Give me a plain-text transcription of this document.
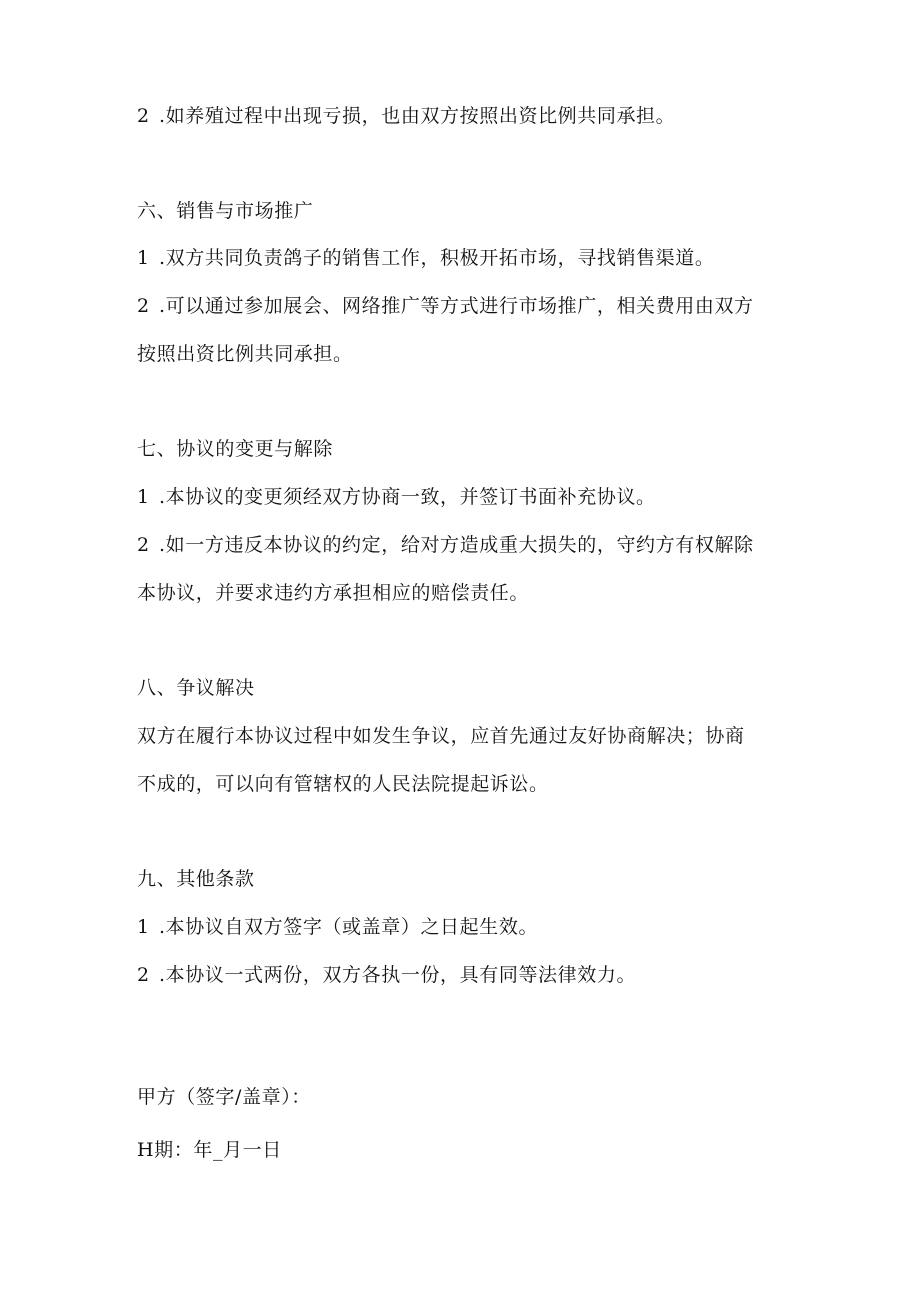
2 .如养殖过程中出现亏损，也由双方按照出资比例共同承担。
六、销售与市场推广
1 .双方共同负责鸽子的销售工作，积极开拓市场，寻找销售渠道。
2 .可以通过参加展会、网络推广等方式进行市场推广，相关费用由双方
按照出资比例共同承担。
七、协议的变更与解除
1 .本协议的变更须经双方协商一致，并签订书面补充协议。
2 .如一方违反本协议的约定，给对方造成重大损失的，守约方有权解除
本协议，并要求违约方承担相应的赔偿责任。
八、争议解决
双方在履行本协议过程中如发生争议，应首先通过友好协商解决；协商
不成的，可以向有管辖权的人民法院提起诉讼。
九、其他条款
1 .本协议自双方签字（或盖章）之日起生效。
2 .本协议一式两份，双方各执一份，具有同等法律效力。
甲方（签字/盖章）：
H期：年_月一日
